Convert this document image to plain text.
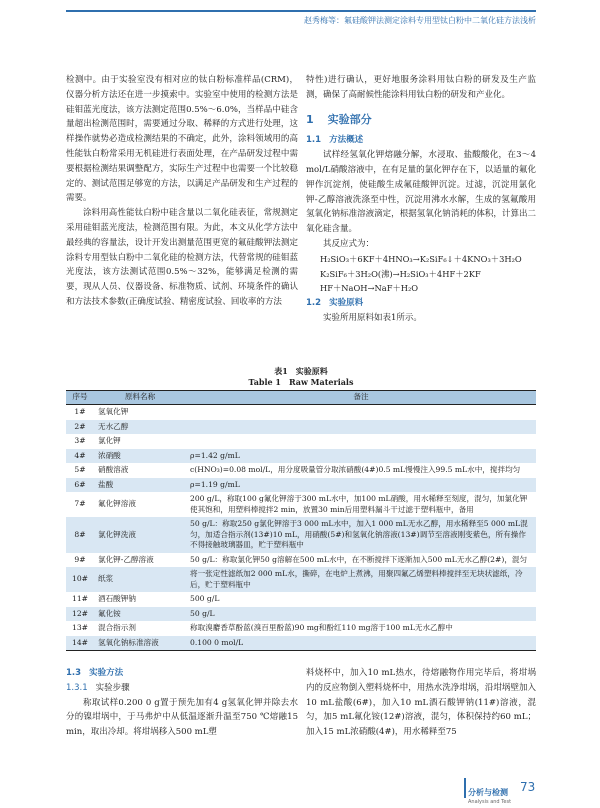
赵秀梅等：氟硅酸钾法测定涂料专用型钛白粉中二氧化硅方法浅析

检测中。由于实验室没有相对应的钛白粉标准样品(CRM)，仪器分析方法还在进一步摸索中。实验室中使用的检测方法是硅钼蓝光度法，该方法测定范围0.5%～6.0%，当样品中硅含量超出检测范围时，需要通过分取、稀释的方式进行处理，这样操作就势必造成检测结果的不确定，此外，涂料领域用的高性能钛白粉常采用无机硅进行表面处理，在产品研发过程中需要根据检测结果调整配方，实际生产过程中也需要一个比较稳定的、测试范围足够宽的方法，以满足产品研发和生产过程的需要。

涂料用高性能钛白粉中硅含量以二氧化硅表征，常规测定采用硅钼蓝光度法，检测范围有限。为此，本文从化学方法中最经典的容量法，设计开发出测量范围更宽的氟硅酸钾法测定涂料专用型钛白粉中二氧化硅的检测方法，代替常规的硅钼蓝光度法，该方法测试范围0.5%～32%，能够满足检测的需要，现从人员、仪器设备、标准物质、试剂、环境条件的确认和方法技术参数(正确度试验、精密度试验、回收率的方法

特性)进行确认，更好地服务涂料用钛白粉的研发及生产监测，确保了高耐候性能涂料用钛白粉的研发和产业化。

1 实验部分

1.1 方法概述

试样经氢氧化钾熔融分解，水浸取、盐酸酸化，在3～4 mol/L硝酸溶液中，在有足量的氯化钾存在下，以适量的氟化钾作沉淀剂，使硅酸生成氟硅酸钾沉淀。过滤，沉淀用氯化钾-乙醇溶液洗涤至中性，沉淀用沸水水解，生成的氢氟酸用氢氧化钠标准溶液滴定，根据氢氧化钠消耗的体积，计算出二氧化硅含量。

其反应式为：

H₂SiO₃＋6KF＋4HNO₃→K₂SiF₆↓＋4KNO₃＋3H₂O

K₂SiF₆＋3H₂O(沸)→H₂SiO₃＋4HF＋2KF

HF＋NaOH→NaF＋H₂O

1.2 实验原料

实验所用原料如表1所示。

表1　实验原料
Table 1　Raw Materials
序号	原料名称	备注
1#	氢氧化钾	
2#	无水乙醇	
3#	氯化钾	
4#	浓硝酸	ρ=1.42 g/mL
5#	硝酸溶液	c(HNO₃)=0.08 mol/L，用分度吸量管分取浓硝酸(4#)0.5 mL慢慢注入99.5 mL水中，搅拌均匀
6#	盐酸	ρ=1.19 g/mL
7#	氟化钾溶液	200 g/L，称取100 g氟化钾溶于300 mL水中，加100 mL硝酸，用水稀释至刻度，混匀，加氯化钾使其饱和，用塑料棒搅拌2 min，放置30 min后用塑料漏斗干过滤于塑料瓶中，备用
8#	氯化钾洗液	50 g/L：称取250 g氯化钾溶于3 000 mL水中，加入1 000 mL无水乙醇，用水稀释至5 000 mL混匀，加适合指示剂(13#)10 mL，用硝酸(5#)和氢氧化钠溶液(13#)调节至溶液刚变紫色，所有操作不得接触玻璃器皿，贮于塑料瓶中
9#	氯化钾-乙醇溶液	50 g/L：称取氯化钾50 g溶解在500 mL水中，在不断搅拌下逐渐加入500 mL无水乙醇(2#)，混匀
10#	纸浆	将一张定性滤纸加2 000 mL水，撕碎，在电炉上煮沸，用聚四氟乙烯塑料棒搅拌至无块状滤纸，冷后，贮于塑料瓶中
11#	酒石酸钾钠	500 g/L
12#	氟化铵	50 g/L
13#	混合指示剂	称取溴麝香草酚蓝(溴百里酚蓝)90 mg和酚红110 mg溶于100 mL无水乙醇中
14#	氢氧化钠标准溶液	0.100 0 mol/L

1.3 实验方法

1.3.1 实验步骤

称取试样0.200 0 g置于预先加有4 g氢氧化钾并除去水分的镍坩埚中，于马弗炉中从低温逐渐升温至750 ℃熔融15 min，取出冷却。将坩埚移入500 mL塑

料烧杯中，加入10 mL热水，待熔融物作用完毕后，将坩埚内的反应物倒入塑料烧杯中，用热水洗净坩埚，沿坩埚壁加入10 mL盐酸(6#)，加入10 mL酒石酸钾钠(11#)溶液，混匀，加5 mL氟化铵(12#)溶液，混匀，体积保持约60 mL；加入15 mL浓硝酸(4#)，用水稀释至75

分析与检测
Analysis and Test
73
